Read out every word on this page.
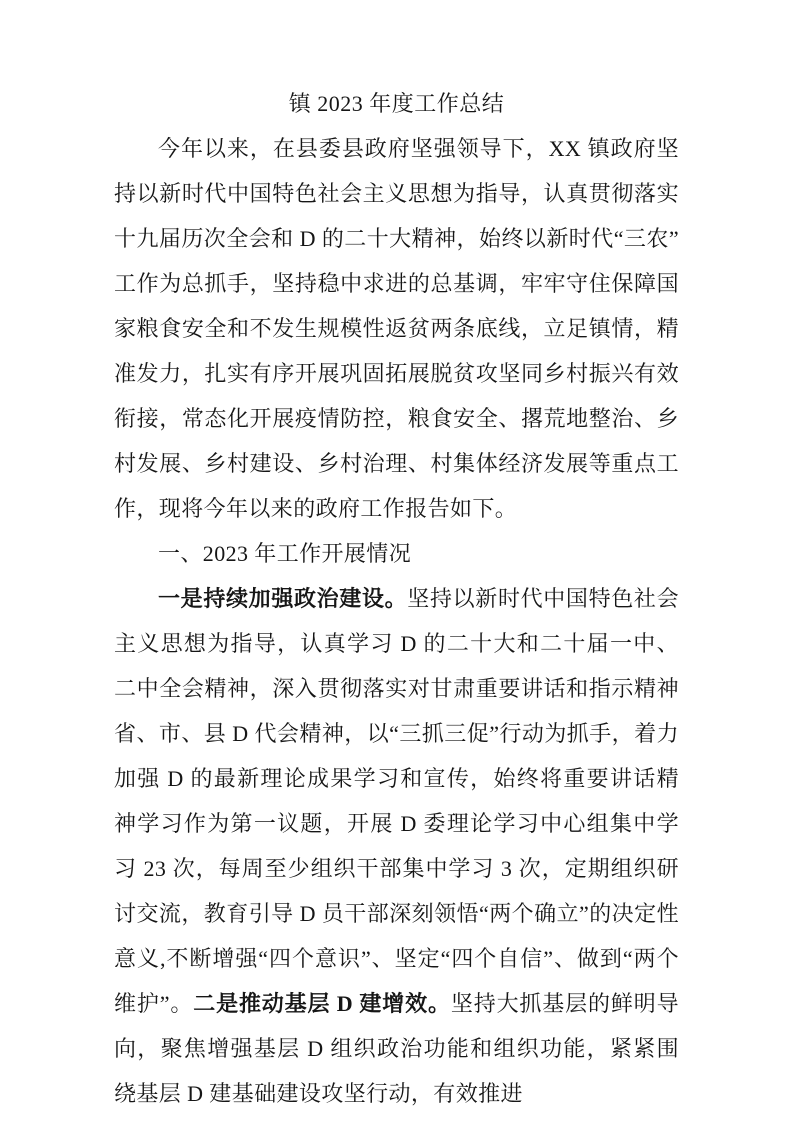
镇 2023 年度工作总结

今年以来，在县委县政府坚强领导下，XX 镇政府坚持以新时代中国特色社会主义思想为指导，认真贯彻落实十九届历次全会和 D 的二十大精神，始终以新时代“三农”工作为总抓手，坚持稳中求进的总基调，牢牢守住保障国家粮食安全和不发生规模性返贫两条底线，立足镇情，精准发力，扎实有序开展巩固拓展脱贫攻坚同乡村振兴有效衔接，常态化开展疫情防控，粮食安全、撂荒地整治、乡村发展、乡村建设、乡村治理、村集体经济发展等重点工作，现将今年以来的政府工作报告如下。

一、2023 年工作开展情况

一是持续加强政治建设。坚持以新时代中国特色社会主义思想为指导，认真学习 D 的二十大和二十届一中、二中全会精神，深入贯彻落实对甘肃重要讲话和指示精神省、市、县 D 代会精神，以“三抓三促”行动为抓手，着力加强 D 的最新理论成果学习和宣传，始终将重要讲话精神学习作为第一议题，开展 D 委理论学习中心组集中学习 23 次，每周至少组织干部集中学习 3 次，定期组织研讨交流，教育引导 D 员干部深刻领悟“两个确立”的决定性意义,不断增强“四个意识”、坚定“四个自信”、做到“两个维护”。二是推动基层 D 建增效。坚持大抓基层的鲜明导向，聚焦增强基层 D 组织政治功能和组织功能，紧紧围绕基层 D 建基础建设攻坚行动，有效推进
